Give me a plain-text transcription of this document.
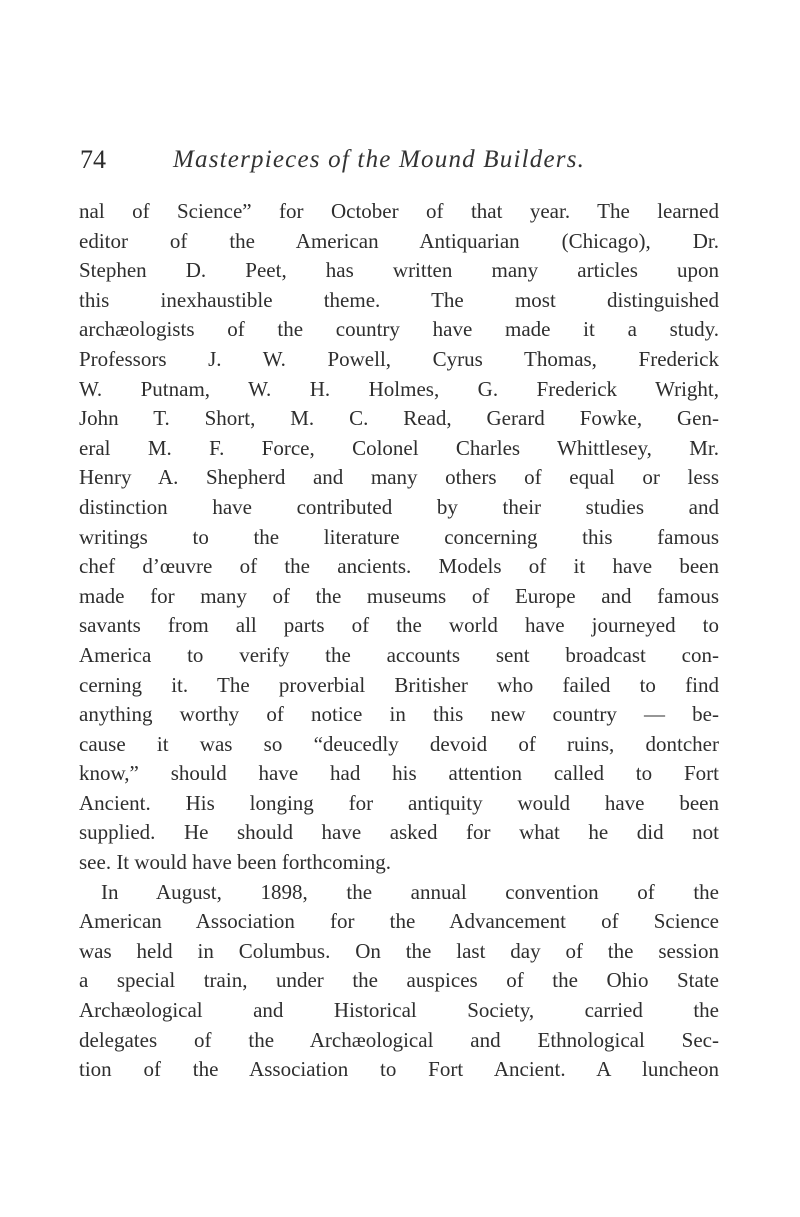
74	Masterpieces of the Mound Builders.
nal of Science” for October of that year. The learned
editor of the American Antiquarian (Chicago), Dr.
Stephen D. Peet, has written many articles upon
this inexhaustible theme. The most distinguished
archæologists of the country have made it a study.
Professors J. W. Powell, Cyrus Thomas, Frederick
W. Putnam, W. H. Holmes, G. Frederick Wright,
John T. Short, M. C. Read, Gerard Fowke, Gen-
eral M. F. Force, Colonel Charles Whittlesey, Mr.
Henry A. Shepherd and many others of equal or less
distinction have contributed by their studies and
writings to the literature concerning this famous
chef d’œuvre of the ancients. Models of it have been
made for many of the museums of Europe and famous
savants from all parts of the world have journeyed to
America to verify the accounts sent broadcast con-
cerning it. The proverbial Britisher who failed to find
anything worthy of notice in this new country — be-
cause it was so “deucedly devoid of ruins, dontcher
know,” should have had his attention called to Fort
Ancient. His longing for antiquity would have been
supplied. He should have asked for what he did not
see. It would have been forthcoming.
In August, 1898, the annual convention of the
American Association for the Advancement of Science
was held in Columbus. On the last day of the session
a special train, under the auspices of the Ohio State
Archæological and Historical Society, carried the
delegates of the Archæological and Ethnological Sec-
tion of the Association to Fort Ancient. A luncheon
